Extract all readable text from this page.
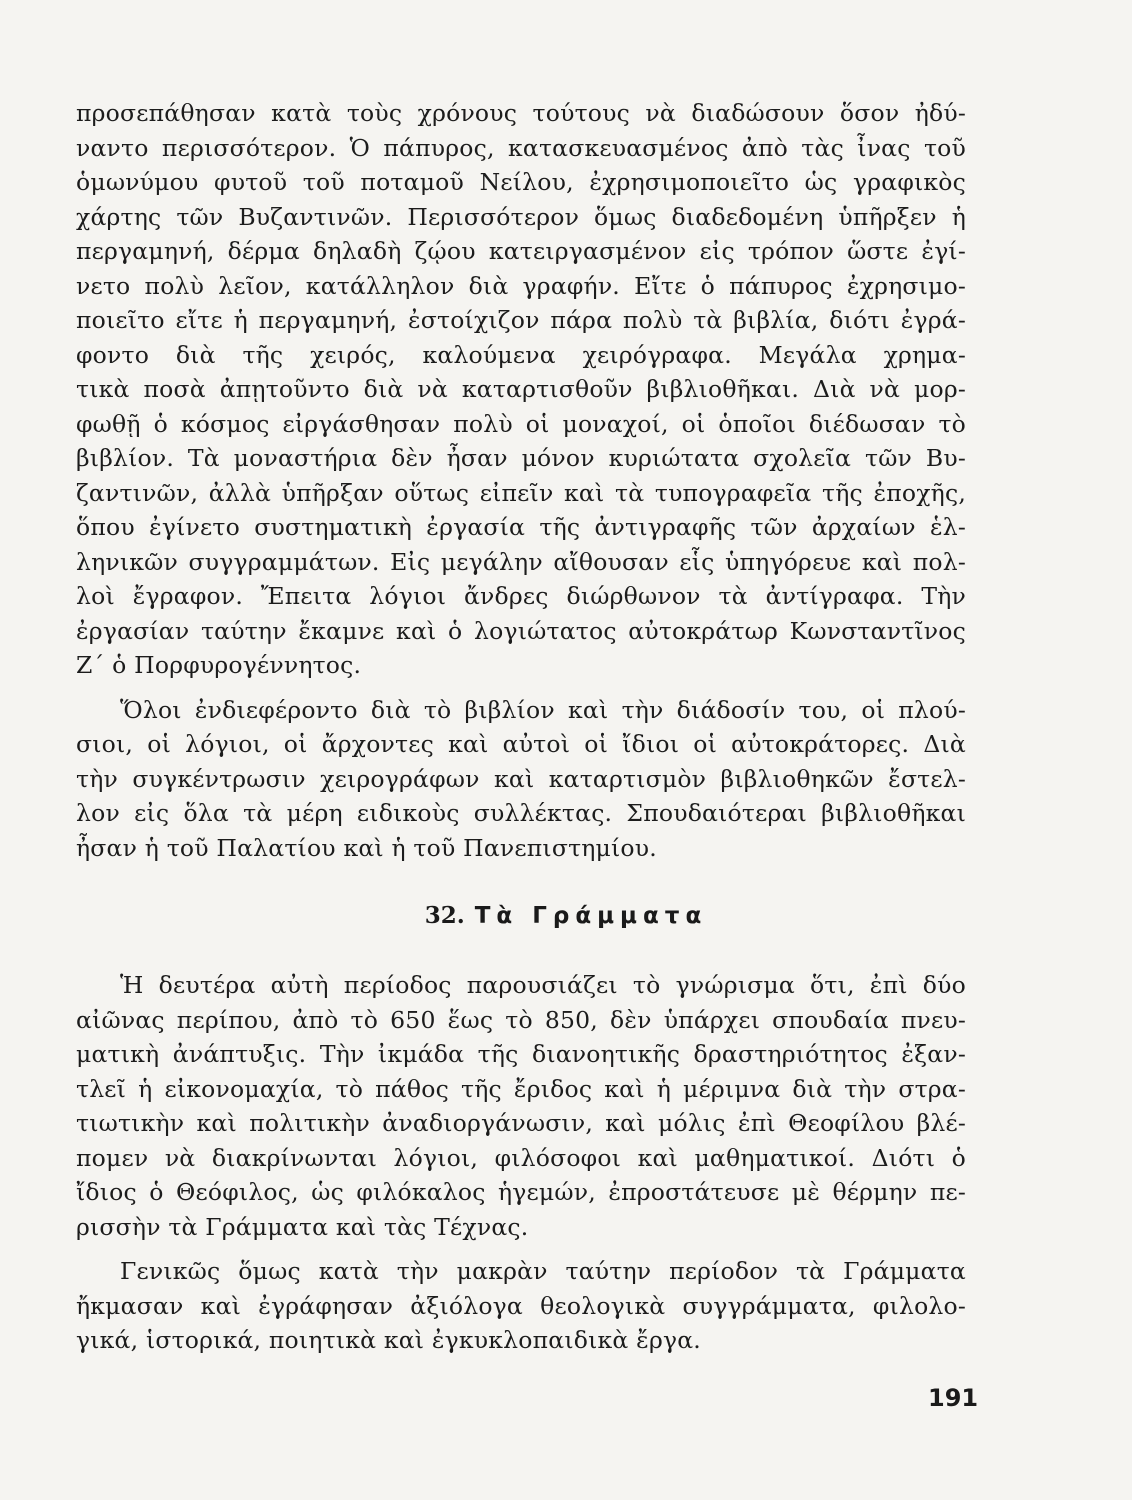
προσεπάθησαν κατὰ τοὺς χρόνους τούτους νὰ διαδώσουν ὅσον ἠδύ-
ναντο περισσότερον. Ὁ πάπυρος, κατασκευασμένος ἀπὸ τὰς ἶνας τοῦ
ὁμωνύμου φυτοῦ τοῦ ποταμοῦ Νείλου, ἐχρησιμοποιεῖτο ὡς γραφικὸς
χάρτης τῶν Βυζαντινῶν. Περισσότερον ὅμως διαδεδομένη ὑπῆρξεν ἡ
περγαμηνή, δέρμα δηλαδὴ ζῴου κατειργασμένον εἰς τρόπον ὥστε ἐγί-
νετο πολὺ λεῖον, κατάλληλον διὰ γραφήν. Εἴτε ὁ πάπυρος ἐχρησιμο-
ποιεῖτο εἴτε ἡ περγαμηνή, ἐστοίχιζον πάρα πολὺ τὰ βιβλία, διότι ἐγρά-
φοντο διὰ τῆς χειρός, καλούμενα χειρόγραφα. Μεγάλα χρημα-
τικὰ ποσὰ ἀπῃτοῦντο διὰ νὰ καταρτισθοῦν βιβλιοθῆκαι. Διὰ νὰ μορ-
φωθῇ ὁ κόσμος εἰργάσθησαν πολὺ οἱ μοναχοί, οἱ ὁποῖοι διέδωσαν τὸ
βιβλίον. Τὰ μοναστήρια δὲν ἦσαν μόνον κυριώτατα σχολεῖα τῶν Βυ-
ζαντινῶν, ἀλλὰ ὑπῆρξαν οὕτως εἰπεῖν καὶ τὰ τυπογραφεῖα τῆς ἐποχῆς,
ὅπου ἐγίνετο συστηματικὴ ἐργασία τῆς ἀντιγραφῆς τῶν ἀρχαίων ἑλ-
ληνικῶν συγγραμμάτων. Εἰς μεγάλην αἴθουσαν εἷς ὑπηγόρευε καὶ πολ-
λοὶ ἔγραφον. Ἔπειτα λόγιοι ἄνδρες διώρθωνον τὰ ἀντίγραφα. Τὴν
ἐργασίαν ταύτην ἔκαμνε καὶ ὁ λογιώτατος αὐτοκράτωρ Κωνσταντῖνος
Ζ΄ ὁ Πορφυρογέννητος.
Ὅλοι ἐνδιεφέροντο διὰ τὸ βιβλίον καὶ τὴν διάδοσίν του, οἱ πλού-
σιοι, οἱ λόγιοι, οἱ ἄρχοντες καὶ αὐτοὶ οἱ ἴδιοι οἱ αὐτοκράτορες. Διὰ
τὴν συγκέντρωσιν χειρογράφων καὶ καταρτισμὸν βιβλιοθηκῶν ἔστελ-
λον εἰς ὅλα τὰ μέρη ειδικοὺς συλλέκτας. Σπουδαιότεραι βιβλιοθῆκαι
ἦσαν ἡ τοῦ Παλατίου καὶ ἡ τοῦ Πανεπιστημίου.
32. Τὰ Γράμματα
Ἡ δευτέρα αὐτὴ περίοδος παρουσιάζει τὸ γνώρισμα ὅτι, ἐπὶ δύο
αἰῶνας περίπου, ἀπὸ τὸ 650 ἕως τὸ 850, δὲν ὑπάρχει σπουδαία πνευ-
ματικὴ ἀνάπτυξις. Τὴν ἰκμάδα τῆς διανοητικῆς δραστηριότητος ἐξαν-
τλεῖ ἡ εἰκονομαχία, τὸ πάθος τῆς ἔριδος καὶ ἡ μέριμνα διὰ τὴν στρα-
τιωτικὴν καὶ πολιτικὴν ἀναδιοργάνωσιν, καὶ μόλις ἐπὶ Θεοφίλου βλέ-
πομεν νὰ διακρίνωνται λόγιοι, φιλόσοφοι καὶ μαθηματικοί. Διότι ὁ
ἴδιος ὁ Θεόφιλος, ὡς φιλόκαλος ἡγεμών, ἐπροστάτευσε μὲ θέρμην πε-
ρισσὴν τὰ Γράμματα καὶ τὰς Τέχνας.
Γενικῶς ὅμως κατὰ τὴν μακρὰν ταύτην περίοδον τὰ Γράμματα
ἤκμασαν καὶ ἐγράφησαν ἀξιόλογα θεολογικὰ συγγράμματα, φιλολο-
γικά, ἱστορικά, ποιητικὰ καὶ ἐγκυκλοπαιδικὰ ἔργα.
191
